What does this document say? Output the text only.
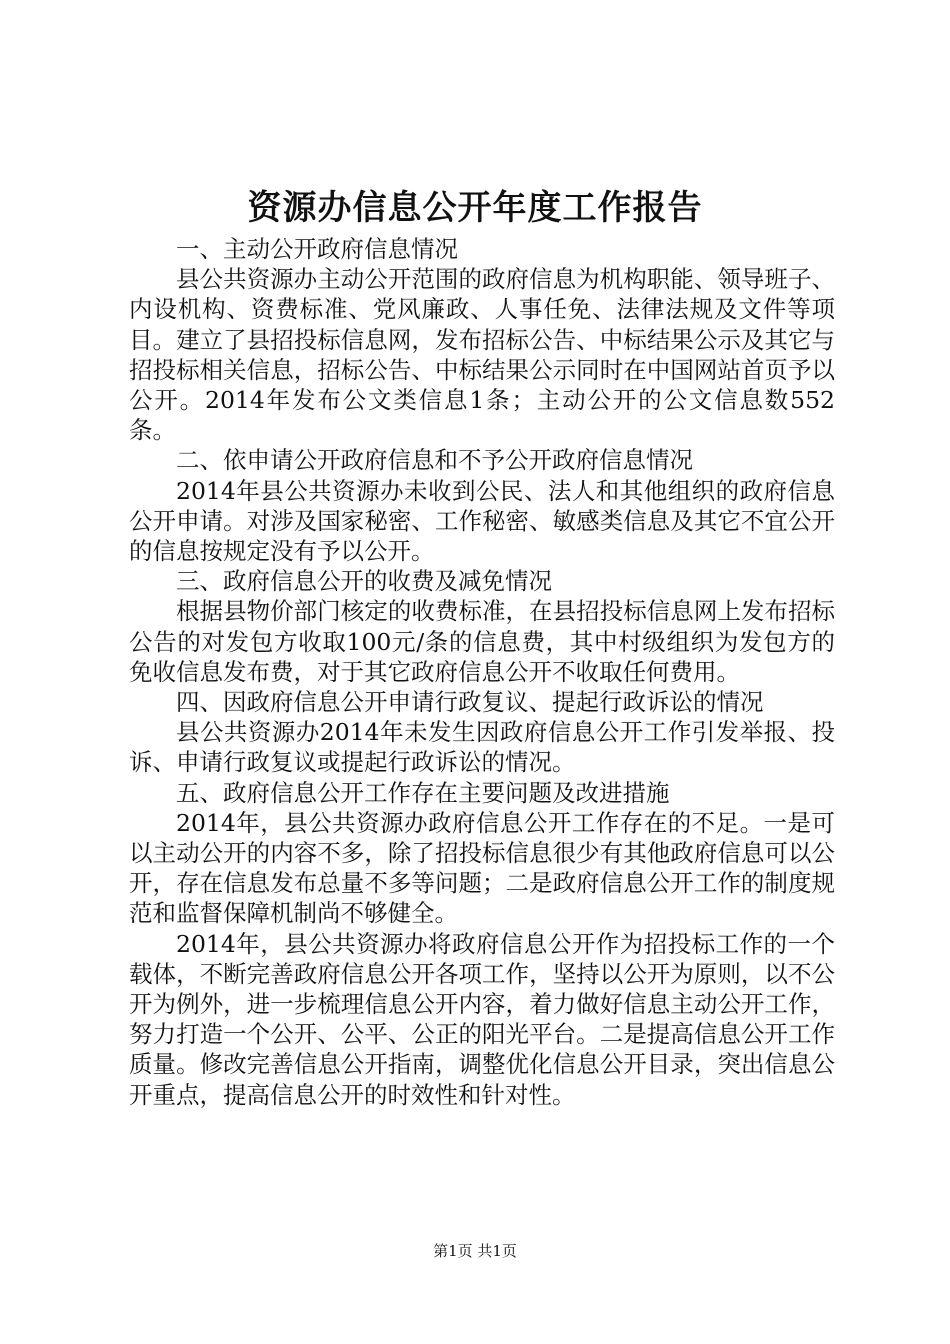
资源办信息公开年度工作报告

一、主动公开政府信息情况

县公共资源办主动公开范围的政府信息为机构职能、领导班子、内设机构、资费标准、党风廉政、人事任免、法律法规及文件等项目。建立了县招投标信息网，发布招标公告、中标结果公示及其它与招投标相关信息，招标公告、中标结果公示同时在中国网站首页予以公开。2014年发布公文类信息1条；主动公开的公文信息数552条。

二、依申请公开政府信息和不予公开政府信息情况

2014年县公共资源办未收到公民、法人和其他组织的政府信息公开申请。对涉及国家秘密、工作秘密、敏感类信息及其它不宜公开的信息按规定没有予以公开。

三、政府信息公开的收费及减免情况

根据县物价部门核定的收费标准，在县招投标信息网上发布招标公告的对发包方收取100元/条的信息费，其中村级组织为发包方的免收信息发布费，对于其它政府信息公开不收取任何费用。

四、因政府信息公开申请行政复议、提起行政诉讼的情况

县公共资源办2014年未发生因政府信息公开工作引发举报、投诉、申请行政复议或提起行政诉讼的情况。

五、政府信息公开工作存在主要问题及改进措施

2014年，县公共资源办政府信息公开工作存在的不足。一是可以主动公开的内容不多，除了招投标信息很少有其他政府信息可以公开，存在信息发布总量不多等问题；二是政府信息公开工作的制度规范和监督保障机制尚不够健全。

2014年，县公共资源办将政府信息公开作为招投标工作的一个载体，不断完善政府信息公开各项工作，坚持以公开为原则，以不公开为例外，进一步梳理信息公开内容，着力做好信息主动公开工作，努力打造一个公开、公平、公正的阳光平台。二是提高信息公开工作质量。修改完善信息公开指南，调整优化信息公开目录，突出信息公开重点，提高信息公开的时效性和针对性。

第1页 共1页
